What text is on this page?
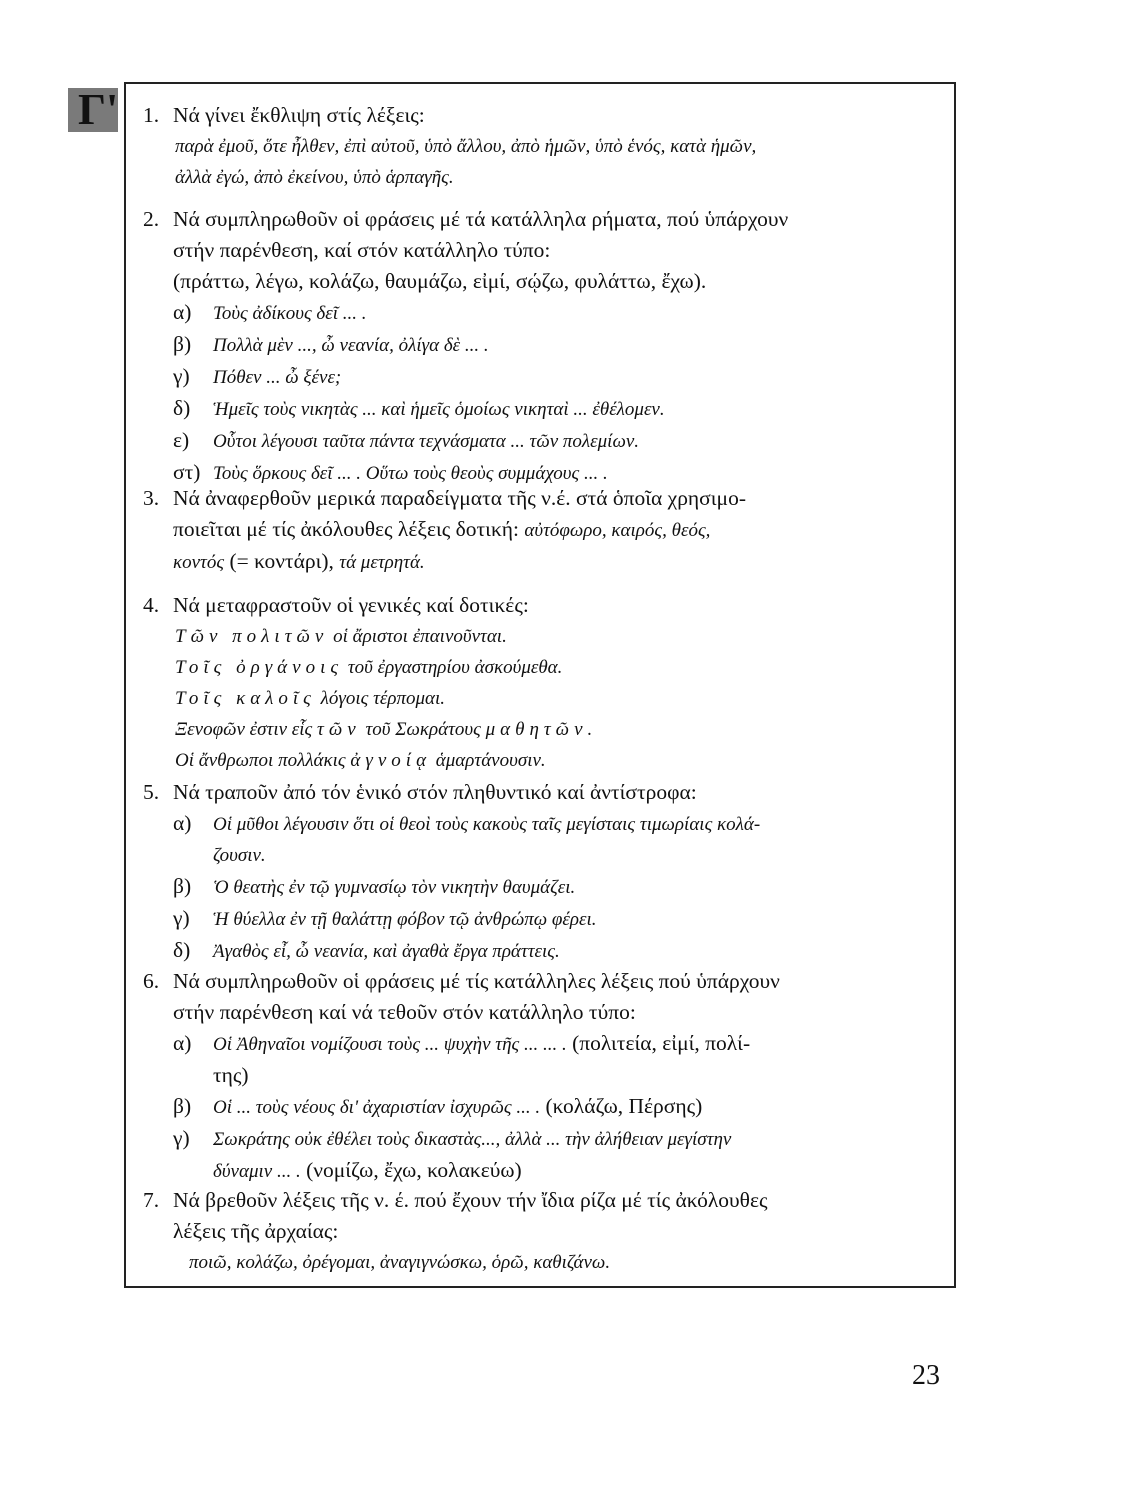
Γ' 1. Νά γίνει ἔκθλιψη στίς λέξεις:
παρὰ ἐμοῦ, ὅτε ἦλθεν, ἐπὶ αὐτοῦ, ὑπὸ ἄλλου, ἀπὸ ἡμῶν, ὑπὸ ἑνός, κατὰ ἡμῶν,
ἀλλὰ ἐγώ, ἀπὸ ἐκείνου, ὑπὸ ἁρπαγῆς.
2. Νά συμπληρωθοῦν οἱ φράσεις μέ τά κατάλληλα ρήματα, πού ὑπάρχουν
στήν παρένθεση, καί στόν κατάλληλο τύπο:
(πράττω, λέγω, κολάζω, θαυμάζω, εἰμί, σῴζω, φυλάττω, ἔχω).
α)	Τοὺς ἀδίκους δεῖ ... .
β)	Πολλὰ μὲν ..., ὦ νεανία, ὀλίγα δὲ ... .
γ)	Πόθεν ... ὦ ξένε;
δ)	Ἡμεῖς τοὺς νικητὰς ... καὶ ἡμεῖς ὁμοίως νικηταὶ ... ἐθέλομεν.
ε)	Οὗτοι λέγουσι ταῦτα πάντα τεχνάσματα ... τῶν πολεμίων.
στ) Τοὺς ὅρκους δεῖ ... . Οὕτω τοὺς θεοὺς συμμάχους ... .
3. Νά ἀναφερθοῦν μερικά παραδείγματα τῆς ν.έ. στά ὁποῖα χρησιμο-
ποιεῖται μέ τίς ἀκόλουθες λέξεις δοτική: αὐτόφωρο, καιρός, θεός,
κοντός (= κοντάρι), τά μετρητά.
4. Νά μεταφραστοῦν οἱ γενικές καί δοτικές:
Τῶν πολιτῶν οἱ ἄριστοι ἐπαινοῦνται.
Τοῖς ὀργάνοις τοῦ ἐργαστηρίου ἀσκούμεθα.
Τοῖς καλοῖς λόγοις τέρπομαι.
Ξενοφῶν ἐστιν εἷς τῶν τοῦ Σωκράτους μαθητῶν.
Οἱ ἄνθρωποι πολλάκις ἀγνοίᾳ ἁμαρτάνουσιν.
5. Νά τραποῦν ἀπό τόν ἑνικό στόν πληθυντικό καί ἀντίστροφα:
α)	Οἱ μῦθοι λέγουσιν ὅτι οἱ θεοὶ τοὺς κακοὺς ταῖς μεγίσταις τιμωρίαις κολά-
ζουσιν.
β)	Ὁ θεατὴς ἐν τῷ γυμνασίῳ τὸν νικητὴν θαυμάζει.
γ)	Ἡ θύελλα ἐν τῇ θαλάττῃ φόβον τῷ ἀνθρώπῳ φέρει.
δ)	Ἀγαθὸς εἶ, ὦ νεανία, καὶ ἀγαθὰ ἔργα πράττεις.
6. Νά συμπληρωθοῦν οἱ φράσεις μέ τίς κατάλληλες λέξεις πού ὑπάρχουν
στήν παρένθεση καί νά τεθοῦν στόν κατάλληλο τύπο:
α)	Οἱ Ἀθηναῖοι νομίζουσι τοὺς ... ψυχὴν τῆς ... ... . (πολιτεία, εἰμί, πολί-
της)
β)	Οἱ ... τοὺς νέους δι' ἀχαριστίαν ἰσχυρῶς ... . (κολάζω, Πέρσης)
γ)	Σωκράτης οὐκ ἐθέλει τοὺς δικαστὰς..., ἀλλὰ ... τὴν ἀλήθειαν μεγίστην
δύναμιν ... . (νομίζω, ἔχω, κολακεύω)
7. Νά βρεθοῦν λέξεις τῆς ν. έ. πού ἔχουν τήν ἴδια ρίζα μέ τίς ἀκόλουθες
λέξεις τῆς ἀρχαίας:
ποιῶ, κολάζω, ὀρέγομαι, ἀναγιγνώσκω, ὁρῶ, καθιζάνω.
23
